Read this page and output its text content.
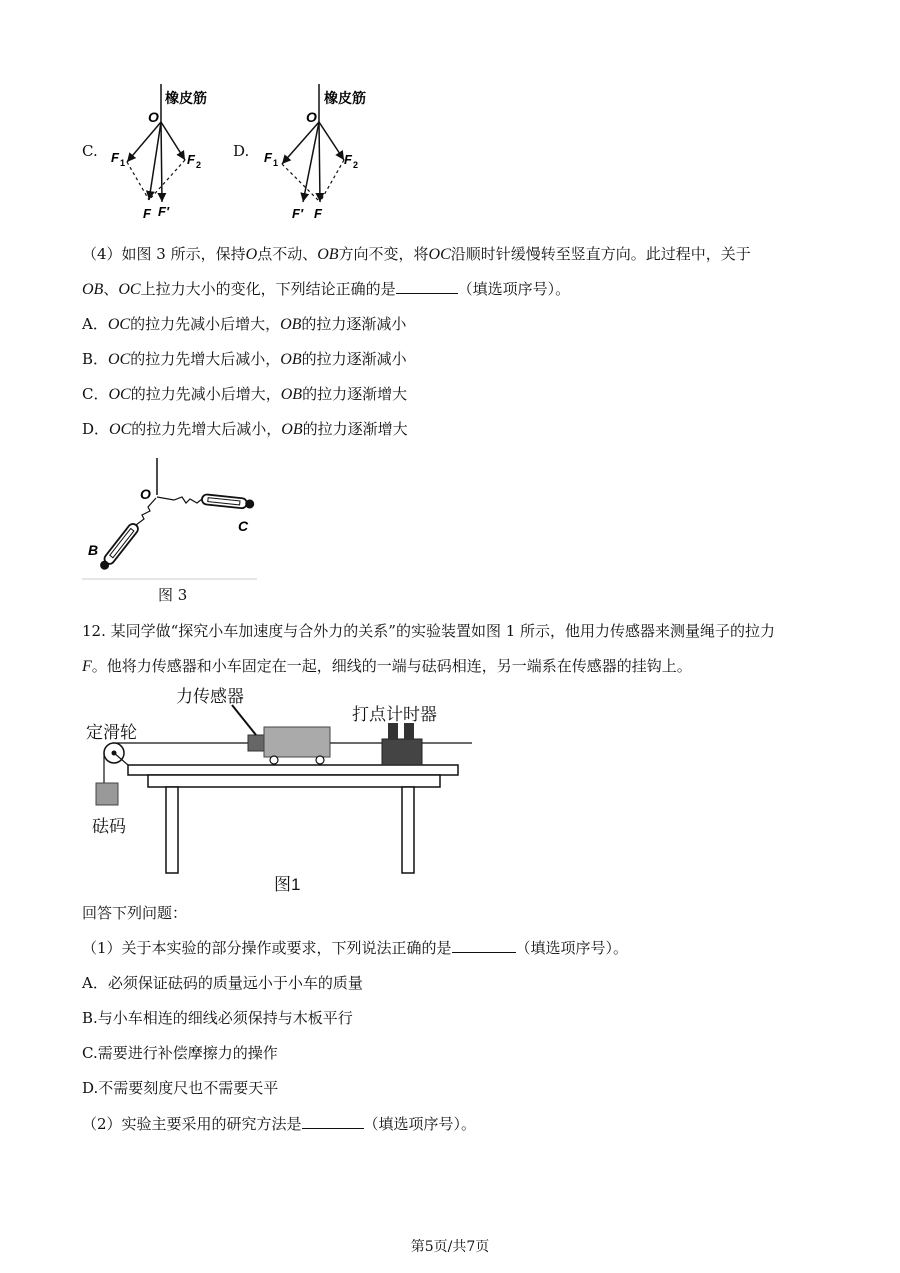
C.
橡皮筋
O
F 1	F 2
F F′
D.
橡皮筋
O
F 1	F 2
F′ F
（4）如图 3 所示，保持O点不动、OB方向不变，将OC沿顺时针缓慢转至竖直方向。此过程中，关于
OB、OC上拉力大小的变化，下列结论正确的是	（填选项序号）。
A．OC的拉力先减小后增大，OB的拉力逐渐减小
B．OC的拉力先增大后减小，OB的拉力逐渐减小
C．OC的拉力先减小后增大，OB的拉力逐渐增大
D．OC的拉力先增大后减小，OB的拉力逐渐增大
O
B
C
图 3
12. 某同学做“探究小车加速度与合外力的关系”的实验装置如图 1 所示，他用力传感器来测量绳子的拉力
F。他将力传感器和小车固定在一起，细线的一端与砝码相连，另一端系在传感器的挂钩上。
力传感器
打点计时器
定滑轮
砝码
图1
回答下列问题：
（1）关于本实验的部分操作或要求，下列说法正确的是	（填选项序号）。
A．必须保证砝码的质量远小于小车的质量
B.与小车相连的细线必须保持与木板平行
C.需要进行补偿摩擦力的操作
D.不需要刻度尺也不需要天平
（2）实验主要采用的研究方法是	（填选项序号）。
第5页/共7页
